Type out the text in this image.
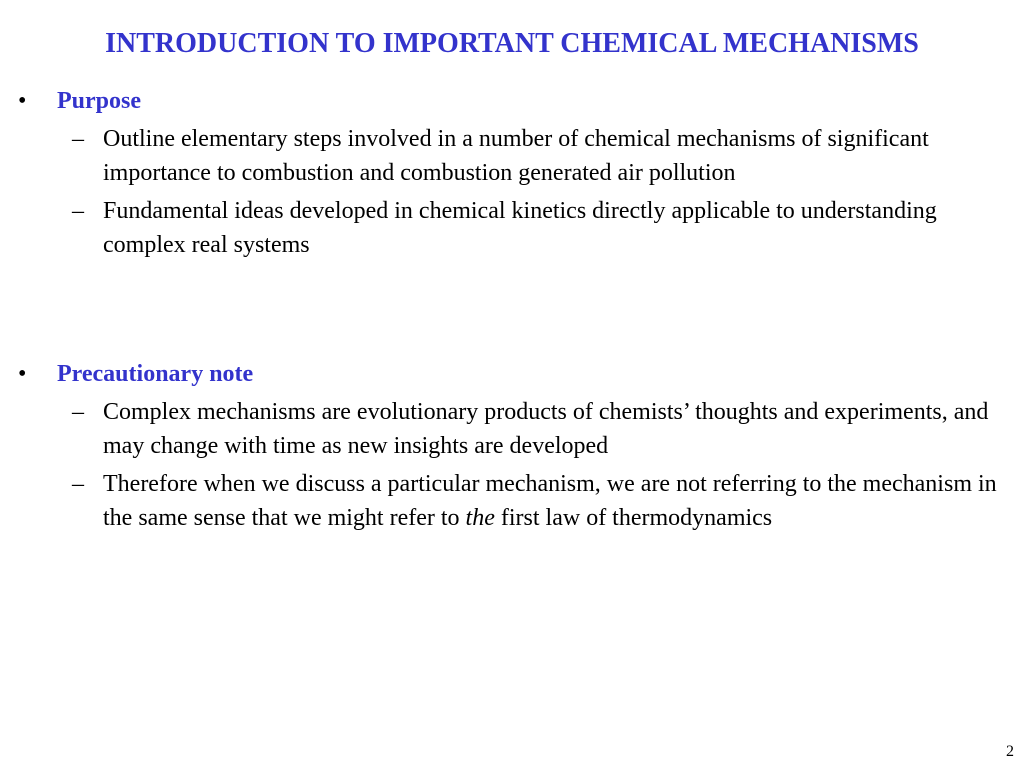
INTRODUCTION TO IMPORTANT CHEMICAL MECHANISMS
• Purpose
– Outline elementary steps involved in a number of chemical mechanisms of significant importance to combustion and combustion generated air pollution
– Fundamental ideas developed in chemical kinetics directly applicable to understanding complex real systems
• Precautionary note
– Complex mechanisms are evolutionary products of chemists’ thoughts and experiments, and may change with time as new insights are developed
– Therefore when we discuss a particular mechanism, we are not referring to the mechanism in the same sense that we might refer to the first law of thermodynamics
2
